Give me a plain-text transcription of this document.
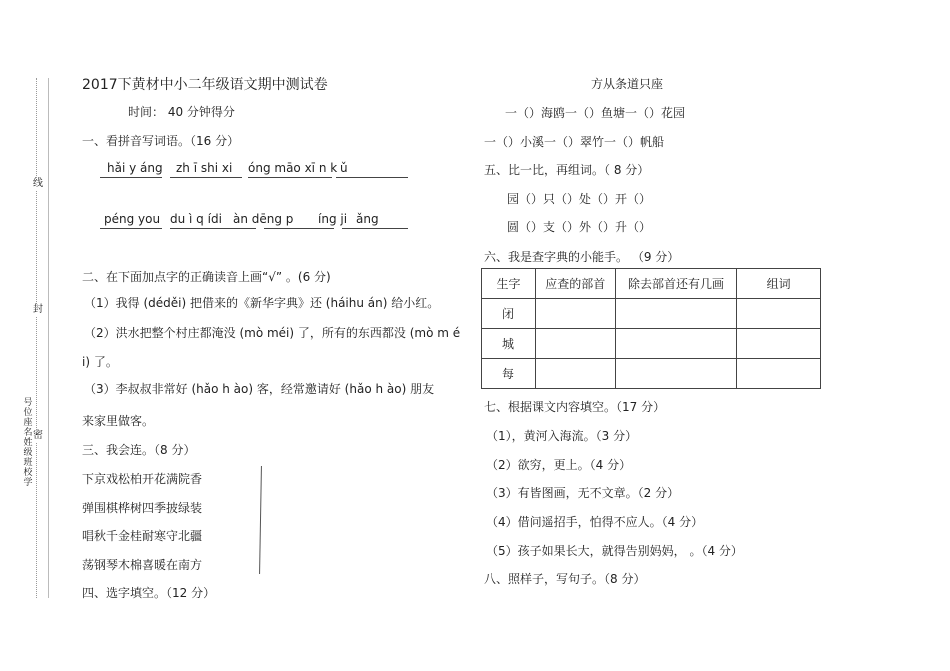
线
封
密
号位座名姓级班校学
2017下黄材中小二年级语文期中测试卷
时间： 40 分钟得分
一、看拼音写词语。（16 分）
hǎi y áng zh ī shi xi óng māo xī n k ǔ
péng you du ì q ídi àn dēng p íng ji ǎng
二、在下面加点字的正确读音上画“√” 。(6 分)
（1）我得 (déděi) 把借来的《新华字典》还 (háihu án) 给小红。
（2）洪水把整个村庄都淹没 (mò méi) 了，所有的东西都没 (mò m é
i) 了。
（3）李叔叔非常好 (hǎo h ào) 客，经常邀请好 (hǎo h ào) 朋友
来家里做客。
三、我会连。（8 分）
下京戏松柏开花满院香
弹围棋桦树四季披绿装
唱秋千金桂耐寒守北疆
荡钢琴木棉喜暖在南方
四、选字填空。（12 分）
方从条道只座
一（）海鸥一（）鱼塘一（）花园
一（）小溪一（）翠竹一（）帆船
五、比一比，再组词。（ 8 分）
园（）只（）处（）开（）
圆（）支（）外（）升（）
六、我是查字典的小能手。 （9 分）
生字	应查的部首	除去部首还有几画	组词
闭			
城			
每			
七、根据课文内容填空。（17 分）
（1），黄河入海流。（3 分）
（2）欲穷，更上。（4 分）
（3）有皆图画，无不文章。（2 分）
（4）借问遥招手，怕得不应人。（4 分）
（5）孩子如果长大，就得告别妈妈， 。（4 分）
八、照样子，写句子。（8 分）
